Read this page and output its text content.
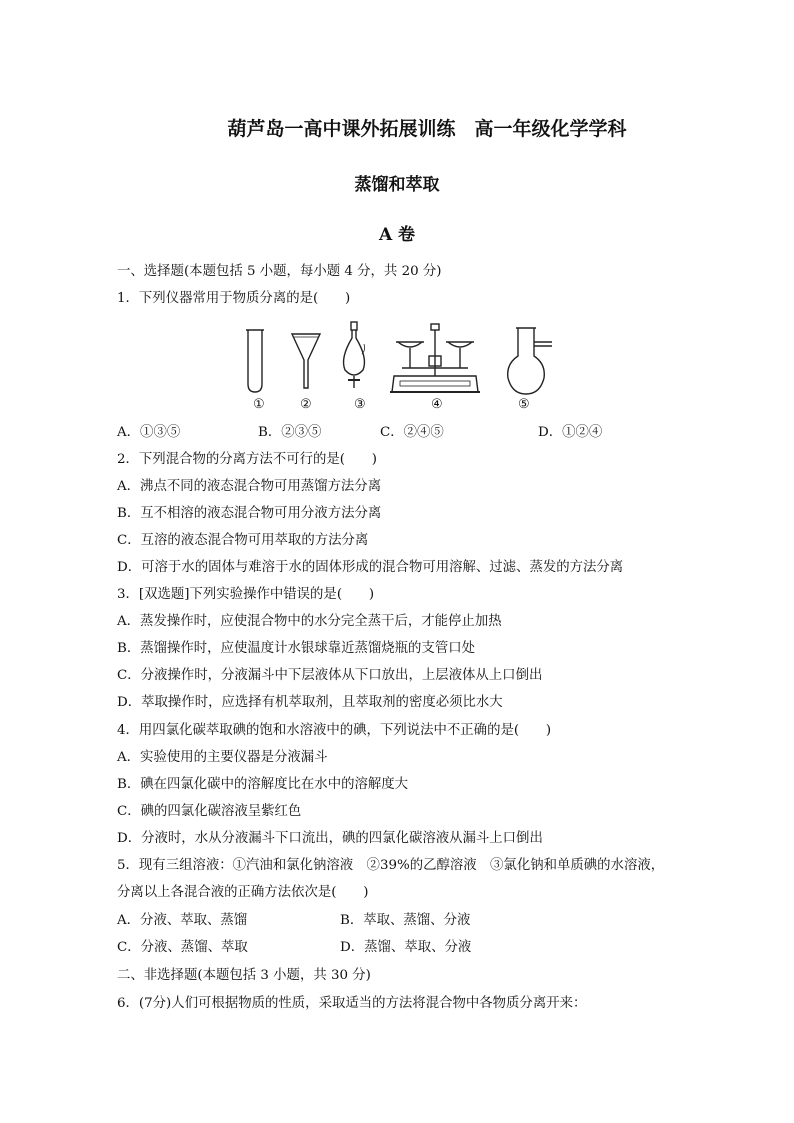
葫芦岛一高中课外拓展训练　高一年级化学学科
蒸馏和萃取
A 卷
一、选择题(本题包括 5 小题，每小题 4 分，共 20 分)
1．下列仪器常用于物质分离的是(　　)
①	②	③	④	⑤
A．①③⑤	B．②③⑤	C．②④⑤	D．①②④
2．下列混合物的分离方法不可行的是(　　)
A．沸点不同的液态混合物可用蒸馏方法分离
B．互不相溶的液态混合物可用分液方法分离
C．互溶的液态混合物可用萃取的方法分离
D．可溶于水的固体与难溶于水的固体形成的混合物可用溶解、过滤、蒸发的方法分离
3．[双选题]下列实验操作中错误的是(　　)
A．蒸发操作时，应使混合物中的水分完全蒸干后，才能停止加热
B．蒸馏操作时，应使温度计水银球靠近蒸馏烧瓶的支管口处
C．分液操作时，分液漏斗中下层液体从下口放出，上层液体从上口倒出
D．萃取操作时，应选择有机萃取剂，且萃取剂的密度必须比水大
4．用四氯化碳萃取碘的饱和水溶液中的碘，下列说法中不正确的是(　　)
A．实验使用的主要仪器是分液漏斗
B．碘在四氯化碳中的溶解度比在水中的溶解度大
C．碘的四氯化碳溶液呈紫红色
D．分液时，水从分液漏斗下口流出，碘的四氯化碳溶液从漏斗上口倒出
5．现有三组溶液：①汽油和氯化钠溶液　②39%的乙醇溶液　③氯化钠和单质碘的水溶液，
分离以上各混合液的正确方法依次是(　　)
A．分液、萃取、蒸馏	B．萃取、蒸馏、分液
C．分液、蒸馏、萃取	D．蒸馏、萃取、分液
二、非选择题(本题包括 3 小题，共 30 分)
6．(7分)人们可根据物质的性质，采取适当的方法将混合物中各物质分离开来：
